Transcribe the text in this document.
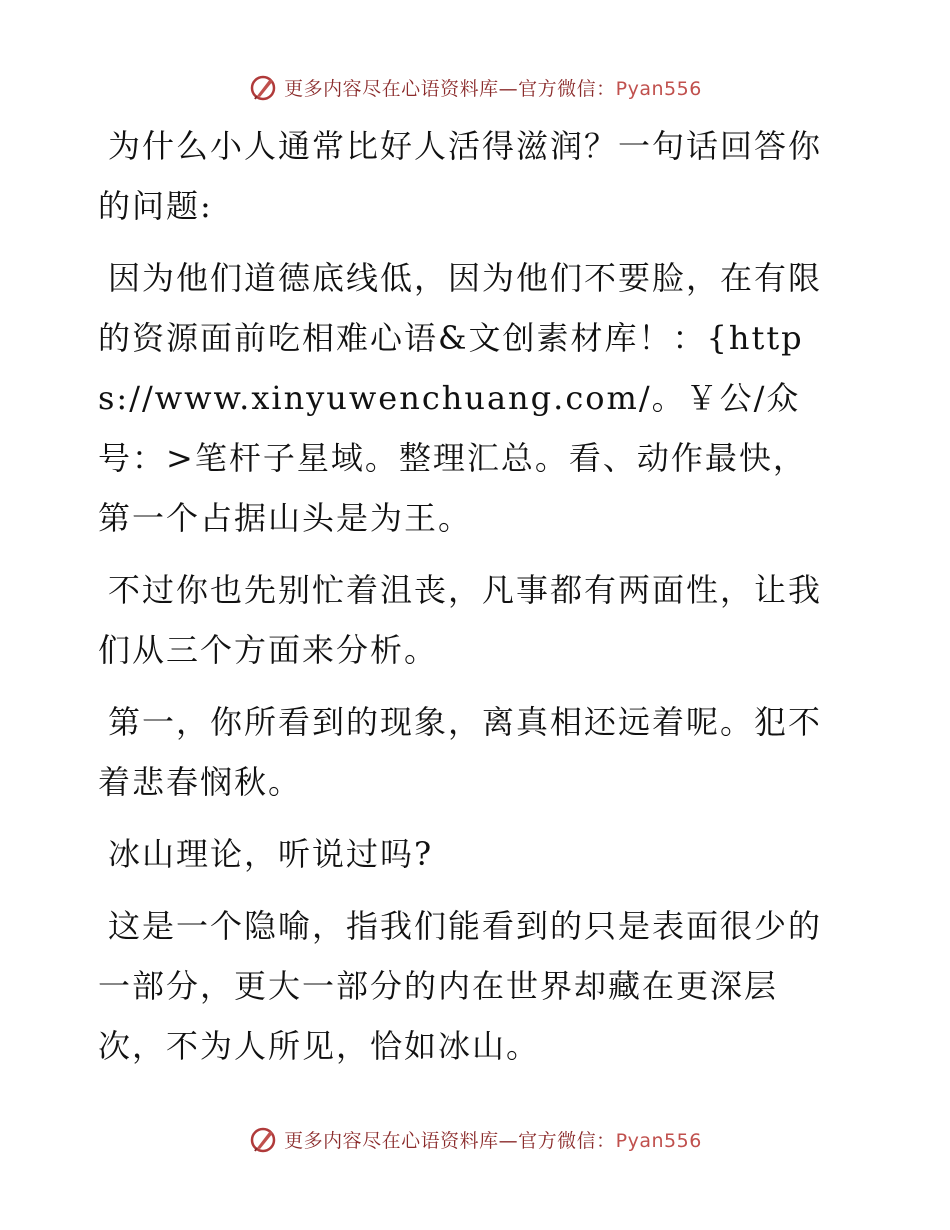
更多内容尽在心语资料库—官方微信：Pyan556

为什么小人通常比好人活得滋润？一句话回答你的问题:

因为他们道德底线低，因为他们不要脸，在有限的资源面前吃相难心语&文创素材库！：{https://www.xinyuwenchuang.com/。￥公/众号：>笔杆子星域。整理汇总。看、动作最快，第一个占据山头是为王。

不过你也先别忙着沮丧，凡事都有两面性，让我们从三个方面来分析。

第一，你所看到的现象，离真相还远着呢。犯不着悲春悯秋。

冰山理论，听说过吗?

这是一个隐喻，指我们能看到的只是表面很少的一部分，更大一部分的内在世界却藏在更深层次，不为人所见，恰如冰山。

更多内容尽在心语资料库—官方微信：Pyan556
